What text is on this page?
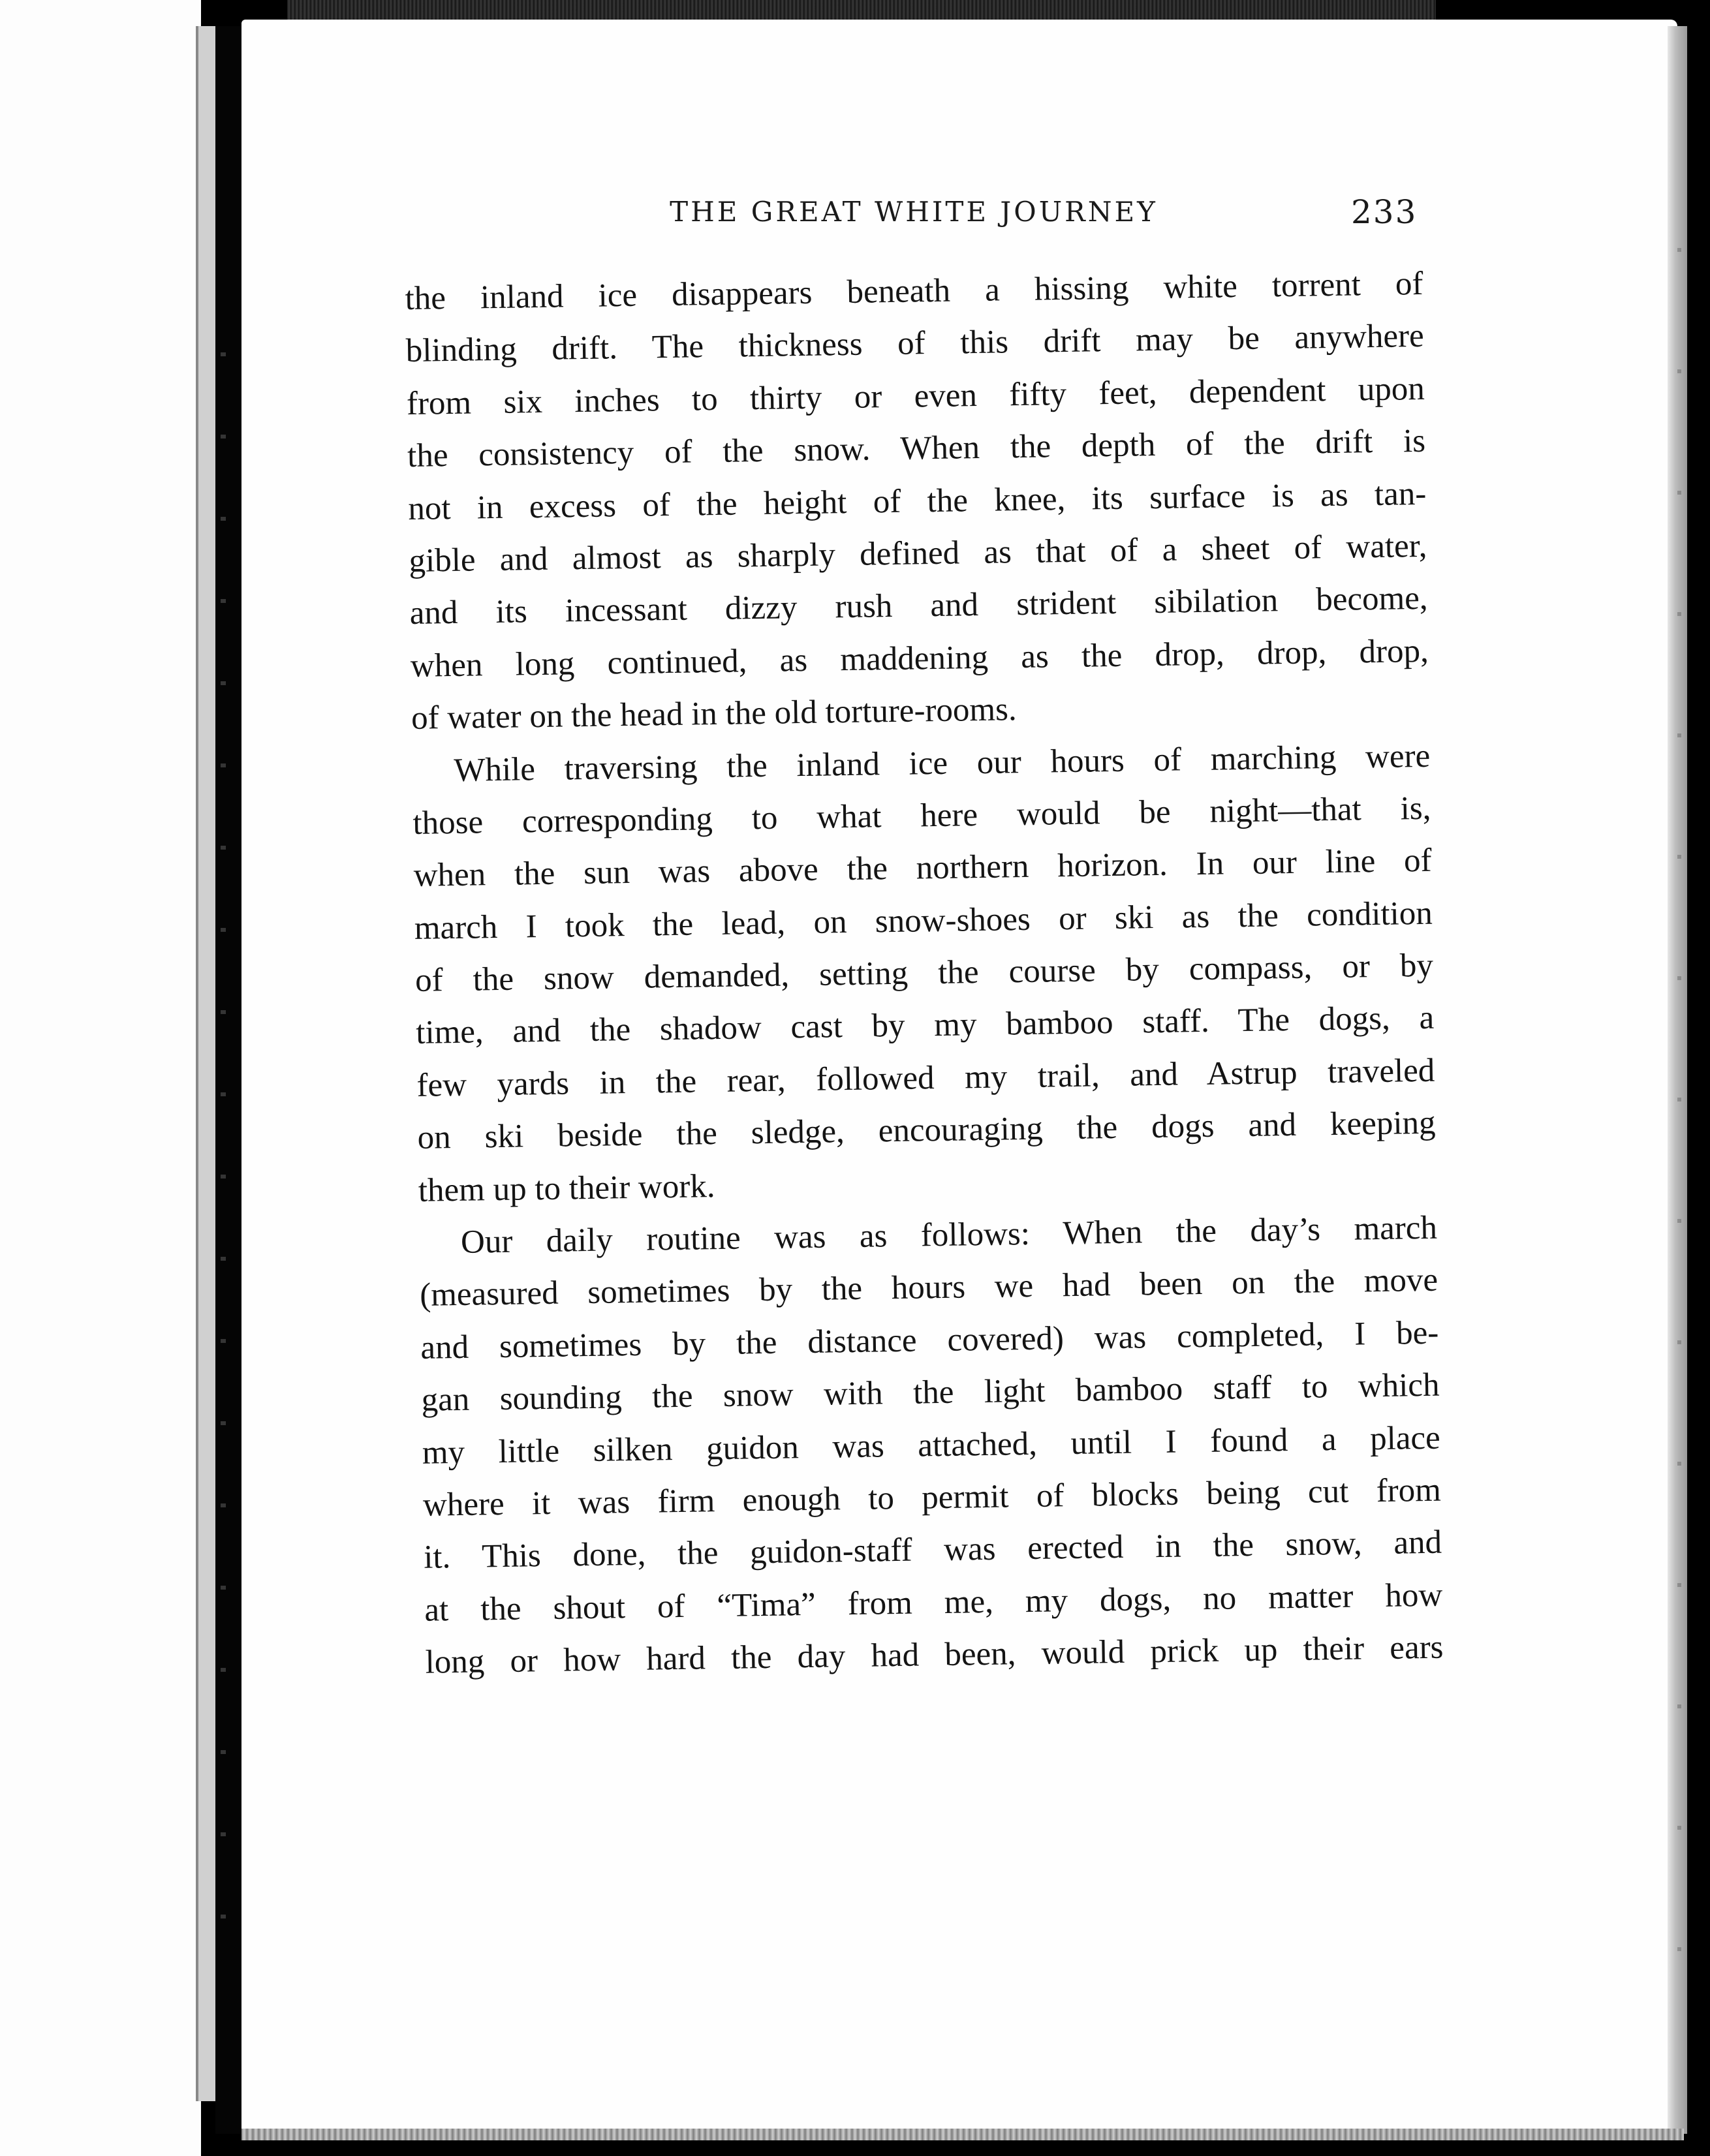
THE GREAT WHITE JOURNEY	233
the inland ice disappears beneath a hissing white torrent of
blinding drift. The thickness of this drift may be anywhere
from six inches to thirty or even fifty feet, dependent upon
the consistency of the snow. When the depth of the drift is
not in excess of the height of the knee, its surface is as tan-
gible and almost as sharply defined as that of a sheet of water,
and its incessant dizzy rush and strident sibilation become,
when long continued, as maddening as the drop, drop, drop,
of water on the head in the old torture-rooms.
While traversing the inland ice our hours of marching were
those corresponding to what here would be night—that is,
when the sun was above the northern horizon. In our line of
march I took the lead, on snow-shoes or ski as the condition
of the snow demanded, setting the course by compass, or by
time, and the shadow cast by my bamboo staff. The dogs, a
few yards in the rear, followed my trail, and Astrup traveled
on ski beside the sledge, encouraging the dogs and keeping
them up to their work.
Our daily routine was as follows: When the day’s march
(measured sometimes by the hours we had been on the move
and sometimes by the distance covered) was completed, I be-
gan sounding the snow with the light bamboo staff to which
my little silken guidon was attached, until I found a place
where it was firm enough to permit of blocks being cut from
it. This done, the guidon-staff was erected in the snow, and
at the shout of “Tima” from me, my dogs, no matter how
long or how hard the day had been, would prick up their ears
